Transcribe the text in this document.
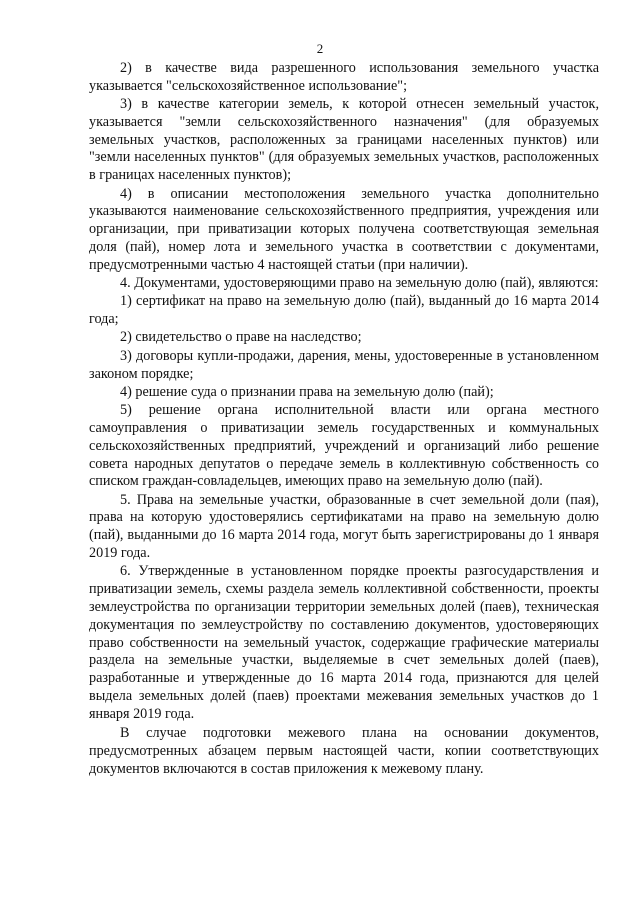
2

2) в качестве вида разрешенного использования земельного участка указывается "сельскохозяйственное использование";

3) в качестве категории земель, к которой отнесен земельный участок, указывается "земли сельскохозяйственного назначения" (для образуемых земельных участков, расположенных за границами населенных пунктов) или "земли населенных пунктов" (для образуемых земельных участков, расположенных в границах населенных пунктов);

4) в описании местоположения земельного участка дополнительно указываются наименование сельскохозяйственного предприятия, учреждения или организации, при приватизации которых получена соответствующая земельная доля (пай), номер лота и земельного участка в соответствии с документами, предусмотренными частью 4 настоящей статьи (при наличии).

4. Документами, удостоверяющими право на земельную долю (пай), являются:

1) сертификат на право на земельную долю (пай), выданный до 16 марта 2014 года;

2) свидетельство о праве на наследство;

3) договоры купли-продажи, дарения, мены, удостоверенные в установленном законом порядке;

4) решение суда о признании права на земельную долю (пай);

5) решение органа исполнительной власти или органа местного самоуправления о приватизации земель государственных и коммунальных сельскохозяйственных предприятий, учреждений и организаций либо решение совета народных депутатов о передаче земель в коллективную собственность со списком граждан-совладельцев, имеющих право на земельную долю (пай).

5. Права на земельные участки, образованные в счет земельной доли (пая), права на которую удостоверялись сертификатами на право на земельную долю (пай), выданными до 16 марта 2014 года, могут быть зарегистрированы до 1 января 2019 года.

6. Утвержденные в установленном порядке проекты разгосударствления и приватизации земель, схемы раздела земель коллективной собственности, проекты землеустройства по организации территории земельных долей (паев), техническая документация по землеустройству по составлению документов, удостоверяющих право собственности на земельный участок, содержащие графические материалы раздела на земельные участки, выделяемые в счет земельных долей (паев), разработанные и утвержденные до 16 марта 2014 года, признаются для целей выдела земельных долей (паев) проектами межевания земельных участков до 1 января 2019 года.

В случае подготовки межевого плана на основании документов, предусмотренных абзацем первым настоящей части, копии соответствующих документов включаются в состав приложения к межевому плану.
